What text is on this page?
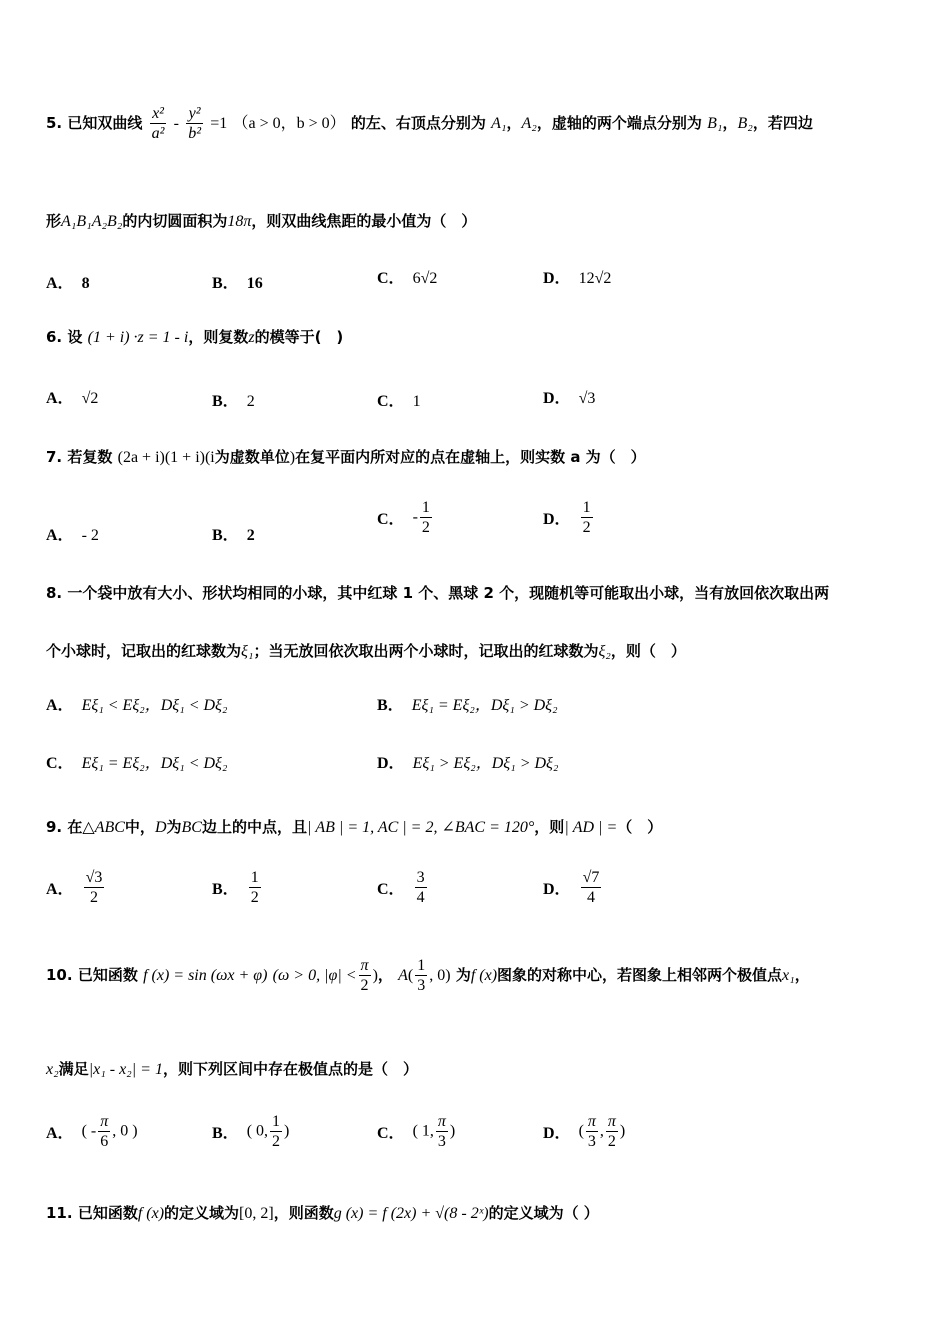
5. 已知双曲线 $\frac{\text{x²}}{\text{a²}} - \frac{\text{y²}}{\text{b²}} =1$ （a > 0，b > 0） 的左、右顶点分别为 A₁，A₂，虚轴的两个端点分别为 B₁，B₂，若四边
形A₁B₁A₂B₂的内切圆面积为18π，则双曲线焦距的最小值为（　）
A． 8	B． 16	C． 6√2	D． 12√2
6. 设 (1 + i) ·z = 1 - i，则复数z的模等于(　)
A． √2	B． 2	C． 1	D． √3
7. 若复数 (2a + i)(1 + i)(i为虚数单位)在复平面内所对应的点在虚轴上，则实数 a 为（　）
A． - 2	B． 2
C． - $\frac{1}{2}$	D． $\frac{1}{2}$
8. 一个袋中放有大小、形状均相同的小球，其中红球 1 个、黑球 2 个，现随机等可能取出小球，当有放回依次取出两
个小球时，记取出的红球数为ξ₁；当无放回依次取出两个小球时，记取出的红球数为ξ₂，则（　）
A． Eξ₁ < Eξ₂，Dξ₁ < Dξ₂	B． Eξ₁ = Eξ₂，Dξ₁ > Dξ₂
C． Eξ₁ = Eξ₂，Dξ₁ < Dξ₂	D． Eξ₁ > Eξ₂，Dξ₁ > Dξ₂
9. 在△ABC中，D为BC边上的中点，且| AB | = 1, AC | = 2, ∠BAC = 120°，则| AD | =（　）
A． $\frac{√3}{2}$	B． $\frac{1}{2}$	C． $\frac{3}{4}$	D． $\frac{√7}{4}$
10. 已知函数 f (x) = sin (ωx + φ) (ω > 0, $|\varphi| < \frac{\pi}{2}$ )， $A( \frac{1}{3}$ , 0) 为f (x)图象的对称中心，若图象上相邻两个极值点x₁，
x₂满足|x₁ - x₂| = 1，则下列区间中存在极值点的是（　）
A． ( - $\frac{\pi}{6}$ , 0 )	B． ( 0, $\frac{1}{2}$ )	C． ( 1, $\frac{\pi}{3}$ )	D． ( $\frac{\pi}{3}$ , $\frac{\pi}{2}$ )
11. 已知函数f (x)的定义域为[0, 2]，则函数g (x) = f (2x) + √(8 - 2ˣ)的定义域为（ ）
